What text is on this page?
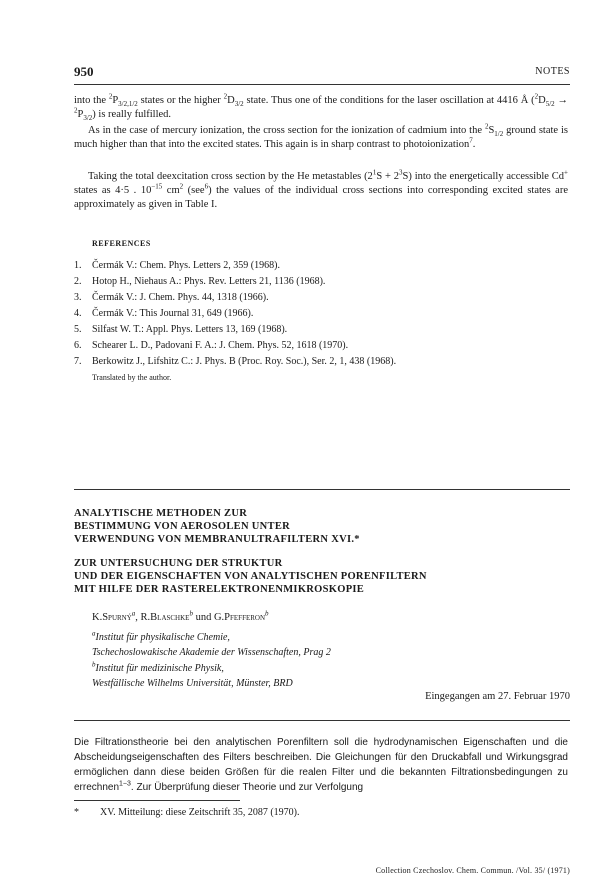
950	NOTES
into the $^2P_{3/2,1/2}$ states or the higher $^2D_{3/2}$ state. Thus one of the conditions for the laser oscillation at 4416 Å $(^2D_{5/2} \to ^2P_{3/2})$ is really fulfilled.
As in the case of mercury ionization, the cross section for the ionization of cadmium into the $^2S_{1/2}$ ground state is much higher than that into the excited states. This again is in sharp contrast to photoionization$^7$.
Taking the total deexcitation cross section by the He metastables $(2^1S + 2^3S)$ into the energetically accessible Cd+ states as 4·5 . $10^{-15}$ $cm^2$ (see$^6$) the values of the individual cross sections into corresponding excited states are approximately as given in Table I.
REFERENCES
1. Čermák V.: Chem. Phys. Letters 2, 359 (1968).
2. Hotop H., Niehaus A.: Phys. Rev. Letters 21, 1136 (1968).
3. Čermák V.: J. Chem. Phys. 44, 1318 (1966).
4. Čermák V.: This Journal 31, 649 (1966).
5. Silfast W. T.: Appl. Phys. Letters 13, 169 (1968).
6. Schearer L. D., Padovani F. A.: J. Chem. Phys. 52, 1618 (1970).
7. Berkowitz J., Lifshitz C.: J. Phys. B (Proc. Roy. Soc.), Ser. 2, 1, 438 (1968).
Translated by the author.
ANALYTISCHE METHODEN ZUR
BESTIMMUNG VON AEROSOLEN UNTER
VERWENDUNG VON MEMBRANULTRAFILTERN XVI.*
ZUR UNTERSUCHUNG DER STRUKTUR
UND DER EIGENSCHAFTEN VON ANALYTISCHEN PORENFILTERN
MIT HILFE DER RASTERELEKTRONENMIKROSKOPIE
K.Spurný$^a$, R.Blaschke$^b$ und G.Pfefferon$^b$
$^a$Institut für physikalische Chemie,
Tschechoslowakische Akademie der Wissenschaften, Prag 2
$^b$Institut für medizinische Physik,
Westfällische Wilhelms Universität, Münster, BRD
Eingegangen am 27. Februar 1970
Die Filtrationstheorie bei den analytischen Porenfiltern soll die hydrodynamischen Eigenschaften und die Abscheidungseigenschaften des Filters beschreiben. Die Gleichungen für den Druckabfall und Wirkungsgrad ermöglichen dann diese beiden Größen für die realen Filter und die bekannten Filtrationsbedingungen zu errechnen$^{1-3}$. Zur Überprüfung dieser Theorie und zur Verfolgung
* XV. Mitteilung: diese Zeitschrift 35, 2087 (1970).
Collection Czechoslov. Chem. Commun. /Vol. 35/ (1971)
